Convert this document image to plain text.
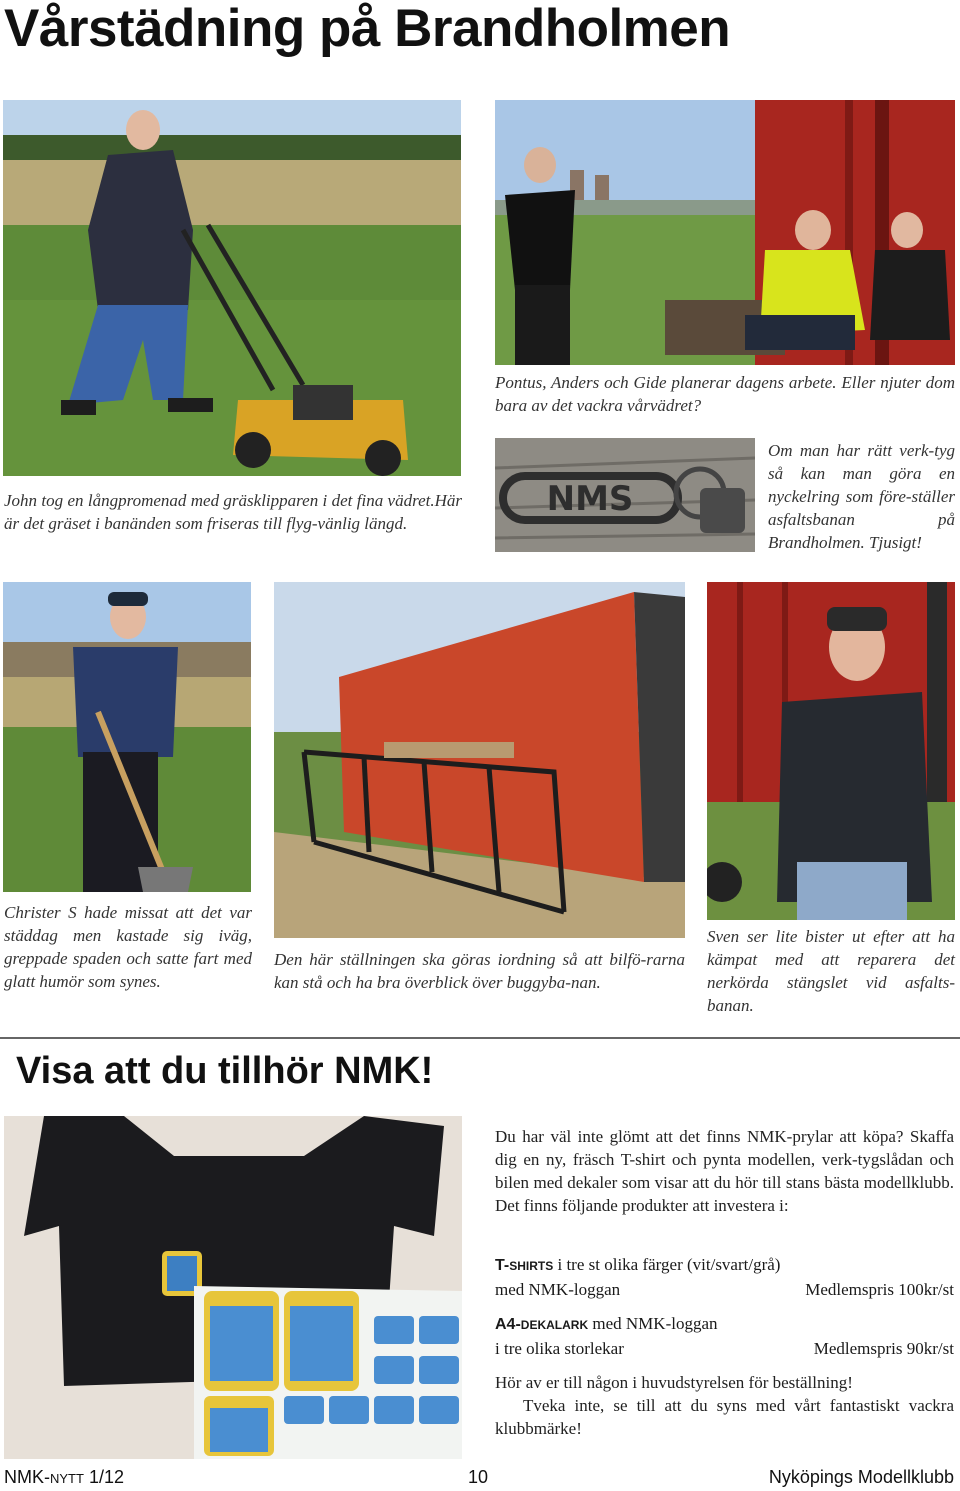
Vårstädning på Brandholmen

John tog en långpromenad med gräsklipparen i det fina vädret.Här är det gräset i banänden som friseras till flyg-vänlig längd.

Pontus, Anders och Gide planerar dagens arbete. Eller njuter dom bara av det vackra vårvädret?

NMS

Om man har rätt verk-tyg så kan man göra en nyckelring som före-ställer asfaltsbanan på Brandholmen. Tjusigt!

Christer S hade missat att det var städdag men kastade sig iväg, greppade spaden och satte fart med glatt humör som synes.

Den här ställningen ska göras iordning så att bilfö-rarna kan stå och ha bra överblick över buggyba-nan.

Sven ser lite bister ut efter att ha kämpat med att reparera det nerkörda stängslet vid asfalts-banan.

Visa att du tillhör NMK!

Du har väl inte glömt att det finns NMK-prylar att köpa? Skaffa dig en ny, fräsch T-shirt och pynta modellen, verk-tygslådan och bilen med dekaler som visar att du hör till stans bästa modellklubb. Det finns följande produkter att investera i:

T-SHIRTS i tre st olika färger (vit/svart/grå)
med NMK-loggan	Medlemspris 100kr/st
A4-DEKALARK med NMK-loggan
i tre olika storlekar	Medlemspris 90kr/st

Hör av er till någon i huvudstyrelsen för beställning!

Tveka inte, se till att du syns med vårt fantastiskt vackra klubbmärke!

NMK-NYTT 1/12	10	Nyköpings Modellklubb
